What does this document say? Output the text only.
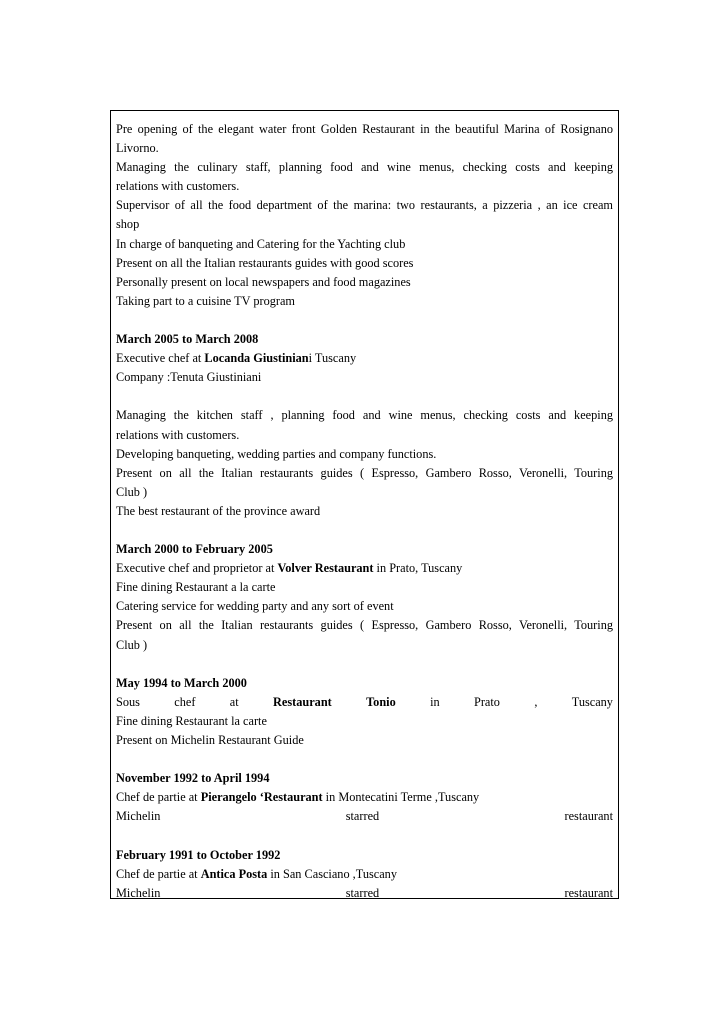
Pre opening of the elegant water front Golden Restaurant in the beautiful Marina of Rosignano
Livorno.
Managing the culinary staff, planning food and wine menus, checking costs and keeping
relations with customers.
Supervisor of all the food department of the marina: two restaurants, a pizzeria , an ice cream
shop
In charge of banqueting and Catering for the Yachting club
Present on all the Italian restaurants guides with good scores
Personally present on local newspapers and food magazines
Taking part to a cuisine TV program
March 2005 to March 2008
Executive chef at Locanda Giustiniani Tuscany
Company :Tenuta Giustiniani
Managing the kitchen staff , planning food and wine menus, checking costs and keeping
relations with customers.
Developing banqueting, wedding parties and company functions.
Present on all the Italian restaurants guides ( Espresso, Gambero Rosso, Veronelli, Touring
Club )
The best restaurant of the province award
March 2000 to February 2005
Executive chef and proprietor at Volver Restaurant in Prato, Tuscany
Fine dining Restaurant a la carte
Catering service for wedding party and any sort of event
Present on all the Italian restaurants guides ( Espresso, Gambero Rosso, Veronelli, Touring
Club )
May 1994 to March 2000
Sous	chef	at	Restaurant	Tonio	in	Prato	,	Tuscany
Fine dining Restaurant la carte
Present on Michelin Restaurant Guide
November 1992 to April 1994
Chef de partie at Pierangelo ‘Restaurant in Montecatini Terme ,Tuscany
Michelin	starred	restaurant
February 1991 to October 1992
Chef de partie at Antica Posta in San Casciano ,Tuscany
Michelin	starred	restaurant
